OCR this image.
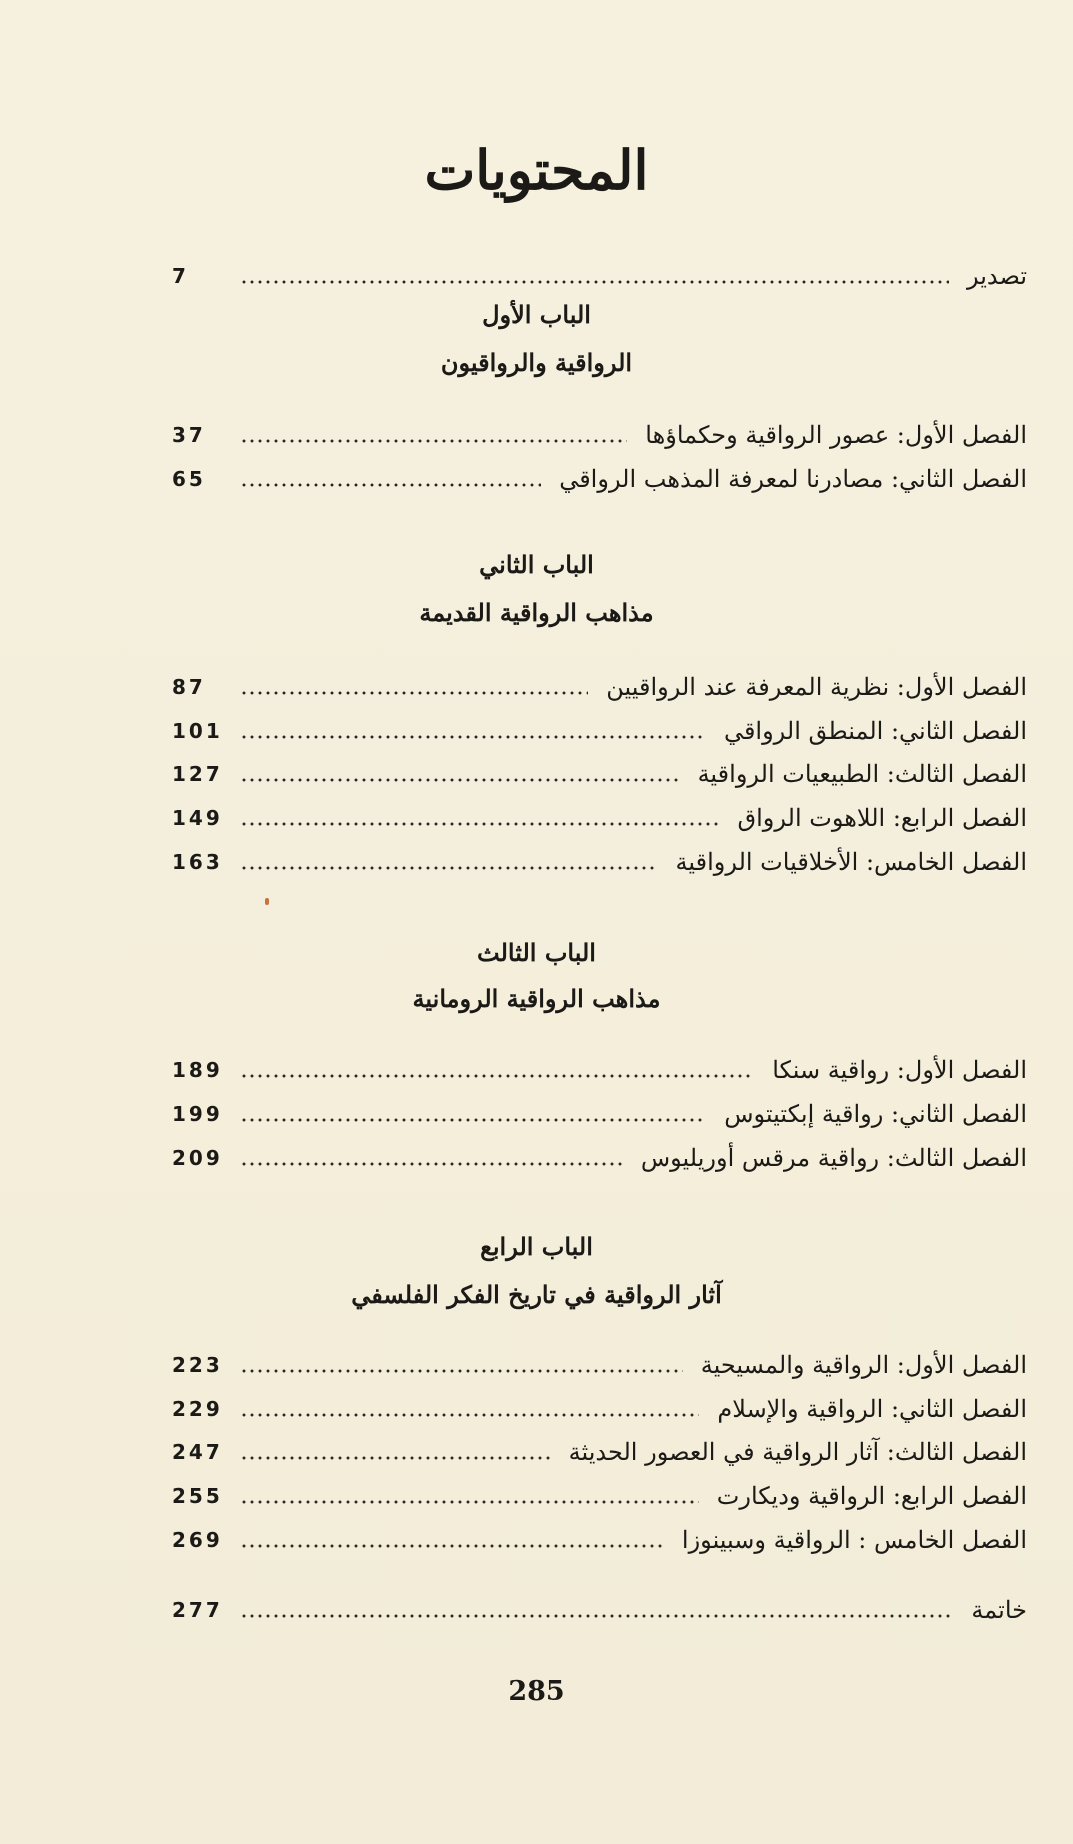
المحتويات
تصدير
7
الباب الأول
الرواقية والرواقيون
الفصل الأول: عصور الرواقية وحكماؤها
37
الفصل الثاني: مصادرنا لمعرفة المذهب الرواقي
65
الباب الثاني
مذاهب الرواقية القديمة
الفصل الأول: نظرية المعرفة عند الرواقيين
87
الفصل الثاني: المنطق الرواقي
101
الفصل الثالث: الطبيعيات الرواقية
127
الفصل الرابع: اللاهوت الرواق
149
الفصل الخامس: الأخلاقيات الرواقية
163
الباب الثالث
مذاهب الرواقية الرومانية
الفصل الأول: رواقية سنكا
189
الفصل الثاني: رواقية إبكتيتوس
199
الفصل الثالث: رواقية مرقس أوريليوس
209
الباب الرابع
آثار الرواقية في تاريخ الفكر الفلسفي
الفصل الأول: الرواقية والمسيحية
223
الفصل الثاني: الرواقية والإسلام
229
الفصل الثالث: آثار الرواقية في العصور الحديثة
247
الفصل الرابع: الرواقية وديكارت
255
الفصل الخامس : الرواقية وسبينوزا
269
خاتمة
277
285
